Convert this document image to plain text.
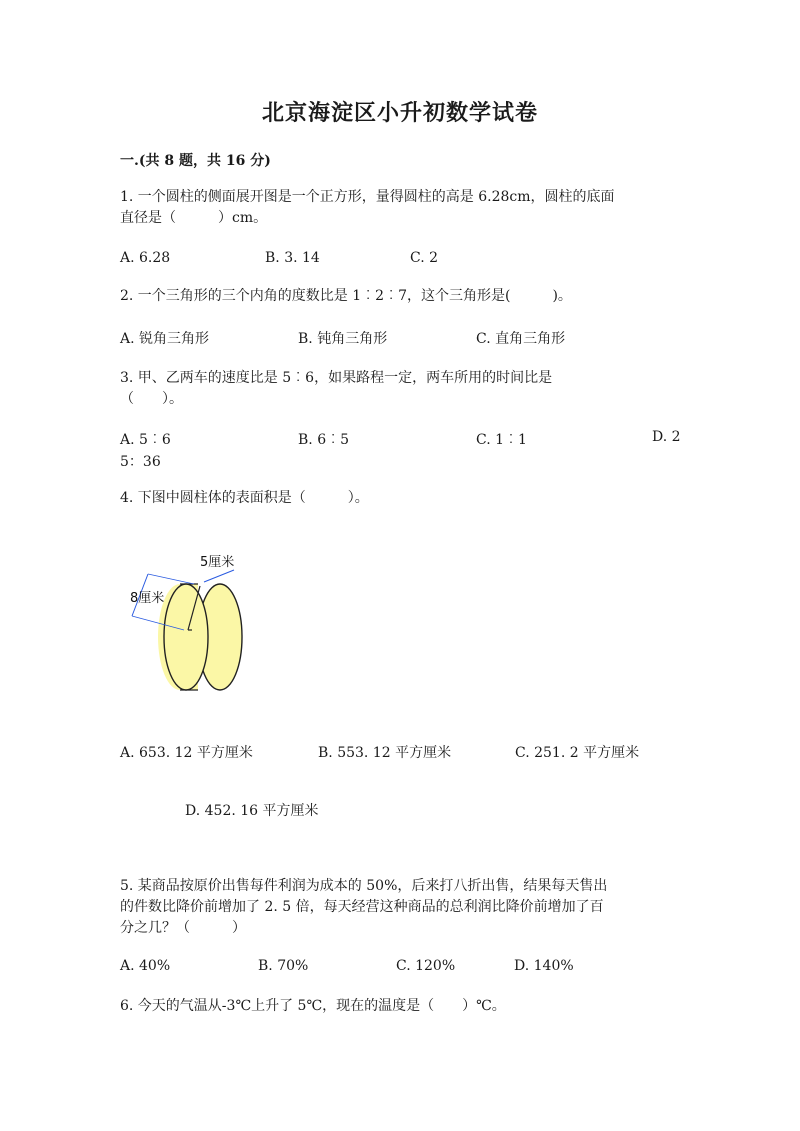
北京海淀区小升初数学试卷
一.(共 8 题，共 16 分)
1. 一个圆柱的侧面展开图是一个正方形，量得圆柱的高是 6.28cm，圆柱的底面
直径是（　　　）cm。
A. 6.28	B. 3. 14	C. 2
2. 一个三角形的三个内角的度数比是 1︰2︰7，这个三角形是(　　　)。
A. 锐角三角形	B. 钝角三角形	C. 直角三角形
3. 甲、乙两车的速度比是 5︰6，如果路程一定，两车所用的时间比是
（　　）。
A. 5︰6	B. 6︰5	C. 1︰1	D. 2
5：36
4. 下图中圆柱体的表面积是（　　　）。
5厘米
8厘米
A. 653. 12 平方厘米	B. 553. 12 平方厘米	C. 251. 2 平方厘米
D. 452. 16 平方厘米
5. 某商品按原价出售每件利润为成本的 50%，后来打八折出售，结果每天售出
的件数比降价前增加了 2. 5 倍，每天经营这种商品的总利润比降价前增加了百
分之几？（　　　）
A. 40%	B. 70%	C. 120%	D. 140%
6. 今天的气温从-3℃上升了 5℃，现在的温度是（　　）℃。
